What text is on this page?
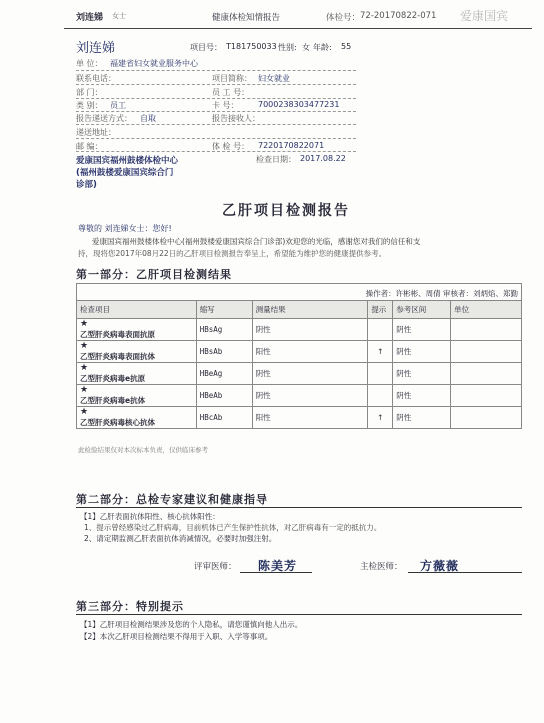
刘连娣 女士	健康体检知情报告	体检号： 72-20170822-071 爱康国宾
刘连娣	项目号： T181750033 性别: 女 年龄: 55
单 位： 福建省妇女就业服务中心
联系电话：	项目简称： 妇女就业
部 门：	员 工 号：
类 别： 员工	卡 号： 7000238303477231
报告递送方式： 自取	报告接收人：
递送地址：
邮 编：	体 检 号： 7220170822071
爱康国宾福州鼓楼体检中心
(福州鼓楼爱康国宾综合门
诊部)
检查日期： 2017.08.22
乙肝项目检测报告
尊敬的 刘连娣女士：您好!
爱康国宾福州鼓楼体检中心(福州鼓楼爱康国宾综合门诊部)欢迎您的光临，感谢您对我们的信任和支
持，现将您2017年08月22日的乙肝项目检测报告奉呈上，希望能为维护您的健康提供参考。
第一部分：乙肝项目检测结果
操作者：许彬彬、周倩 审核者：刘炳焰、郑勤
检查项目	缩写	测量结果	提示	参考区间	单位

★
乙型肝炎病毒表面抗原	HBsAg	阴性		阴性	

★
乙型肝炎病毒表面抗体	HBsAb	阳性	↑	阴性	

★
乙型肝炎病毒e抗原	HBeAg	阴性		阴性	

★
乙型肝炎病毒e抗体	HBeAb	阴性		阴性	

★
乙型肝炎病毒核心抗体	HBcAb	阳性	↑	阴性	
此检验结果仅对本次标本负责，仅供临床参考
第二部分：总检专家建议和健康指导
【1】乙肝表面抗体阳性、核心抗体阳性：
1、提示曾经感染过乙肝病毒，目前机体已产生保护性抗体，对乙肝病毒有一定的抵抗力。
2、请定期监测乙肝表面抗体消减情况，必要时加强注射。
评审医师： 陈美芳	主检医师： 方薇薇
第三部分：特别提示
【1】乙肝项目检测结果涉及您的个人隐私，请您谨慎向他人出示。
【2】本次乙肝项目检测结果不得用于入职、入学等事项。
